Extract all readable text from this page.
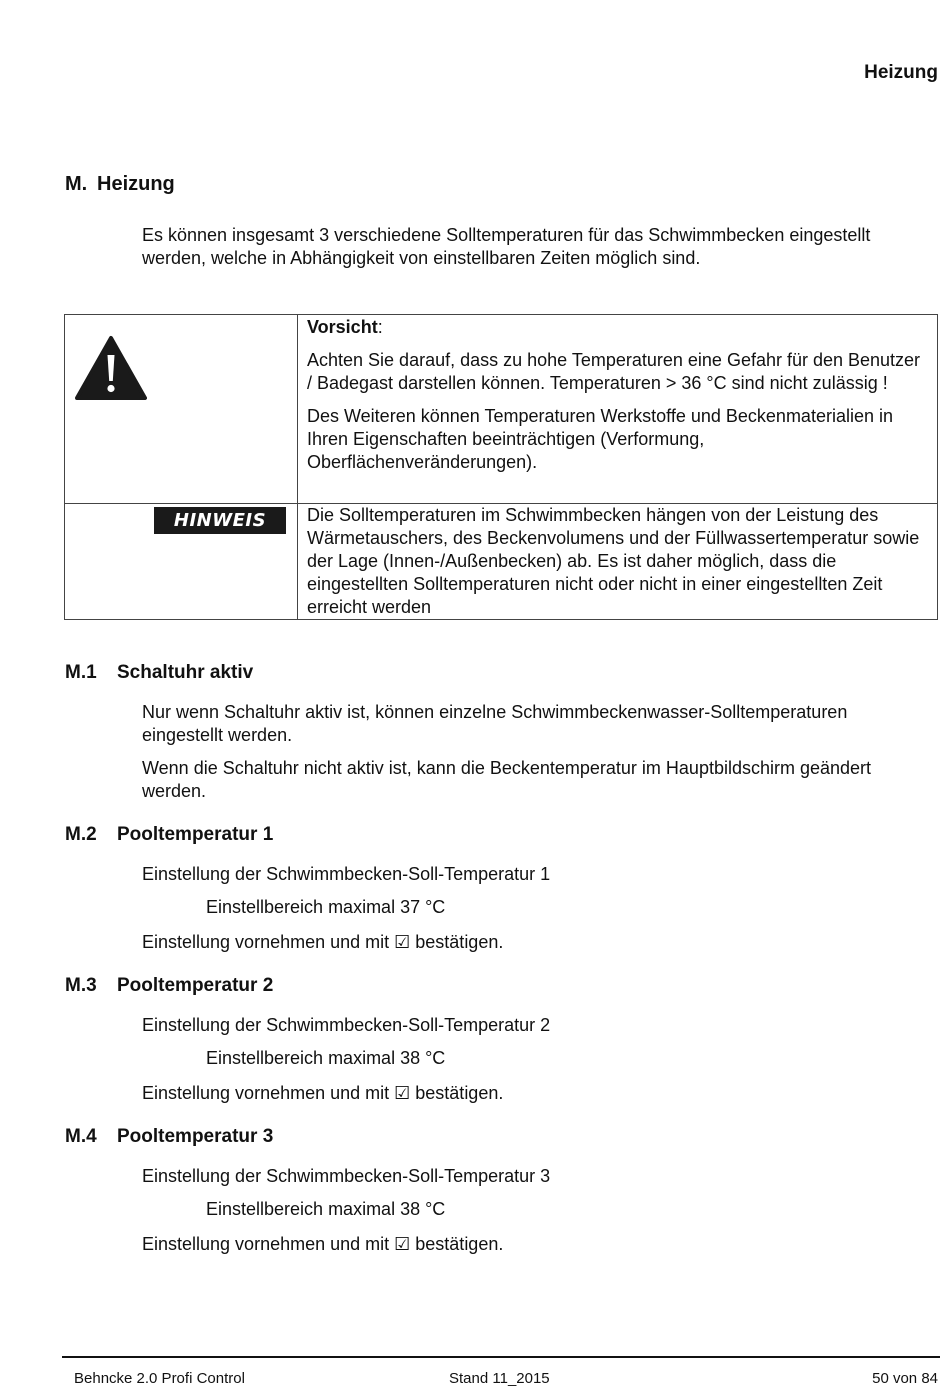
Heizung
M. Heizung
Es können insgesamt 3 verschiedene Solltemperaturen für das Schwimmbecken eingestellt werden, welche in Abhängigkeit von einstellbaren Zeiten möglich sind.

Vorsicht:

Achten Sie darauf, dass zu hohe Temperaturen eine Gefahr für den Benutzer / Badegast darstellen können. Temperaturen > 36 °C sind nicht zulässig !

Des Weiteren können Temperaturen Werkstoffe und Beckenmaterialien in Ihren Eigenschaften beeinträchtigen (Verformung, Oberflächenveränderungen).

HINWEIS	Die Solltemperaturen im Schwimmbecken hängen von der Leistung des Wärmetauschers, des Beckenvolumens und der Füllwassertemperatur sowie der Lage (Innen-/Außenbecken) ab. Es ist daher möglich, dass die eingestellten Solltemperaturen nicht oder nicht in einer eingestellten Zeit erreicht werden

M.1 Schaltuhr aktiv

Nur wenn Schaltuhr aktiv ist, können einzelne Schwimmbeckenwasser-Solltemperaturen eingestellt werden.

Wenn die Schaltuhr nicht aktiv ist, kann die Beckentemperatur im Hauptbildschirm geändert werden.

M.2 Pooltemperatur 1
Einstellung der Schwimmbecken-Soll-Temperatur 1
Einstellbereich maximal 37 °C
Einstellung vornehmen und mit ☑ bestätigen.
M.3 Pooltemperatur 2
Einstellung der Schwimmbecken-Soll-Temperatur 2
Einstellbereich maximal 38 °C
Einstellung vornehmen und mit ☑ bestätigen.
M.4 Pooltemperatur 3
Einstellung der Schwimmbecken-Soll-Temperatur 3
Einstellbereich maximal 38 °C
Einstellung vornehmen und mit ☑ bestätigen.
Behncke 2.0 Profi Control	Stand 11_2015	50 von 84
